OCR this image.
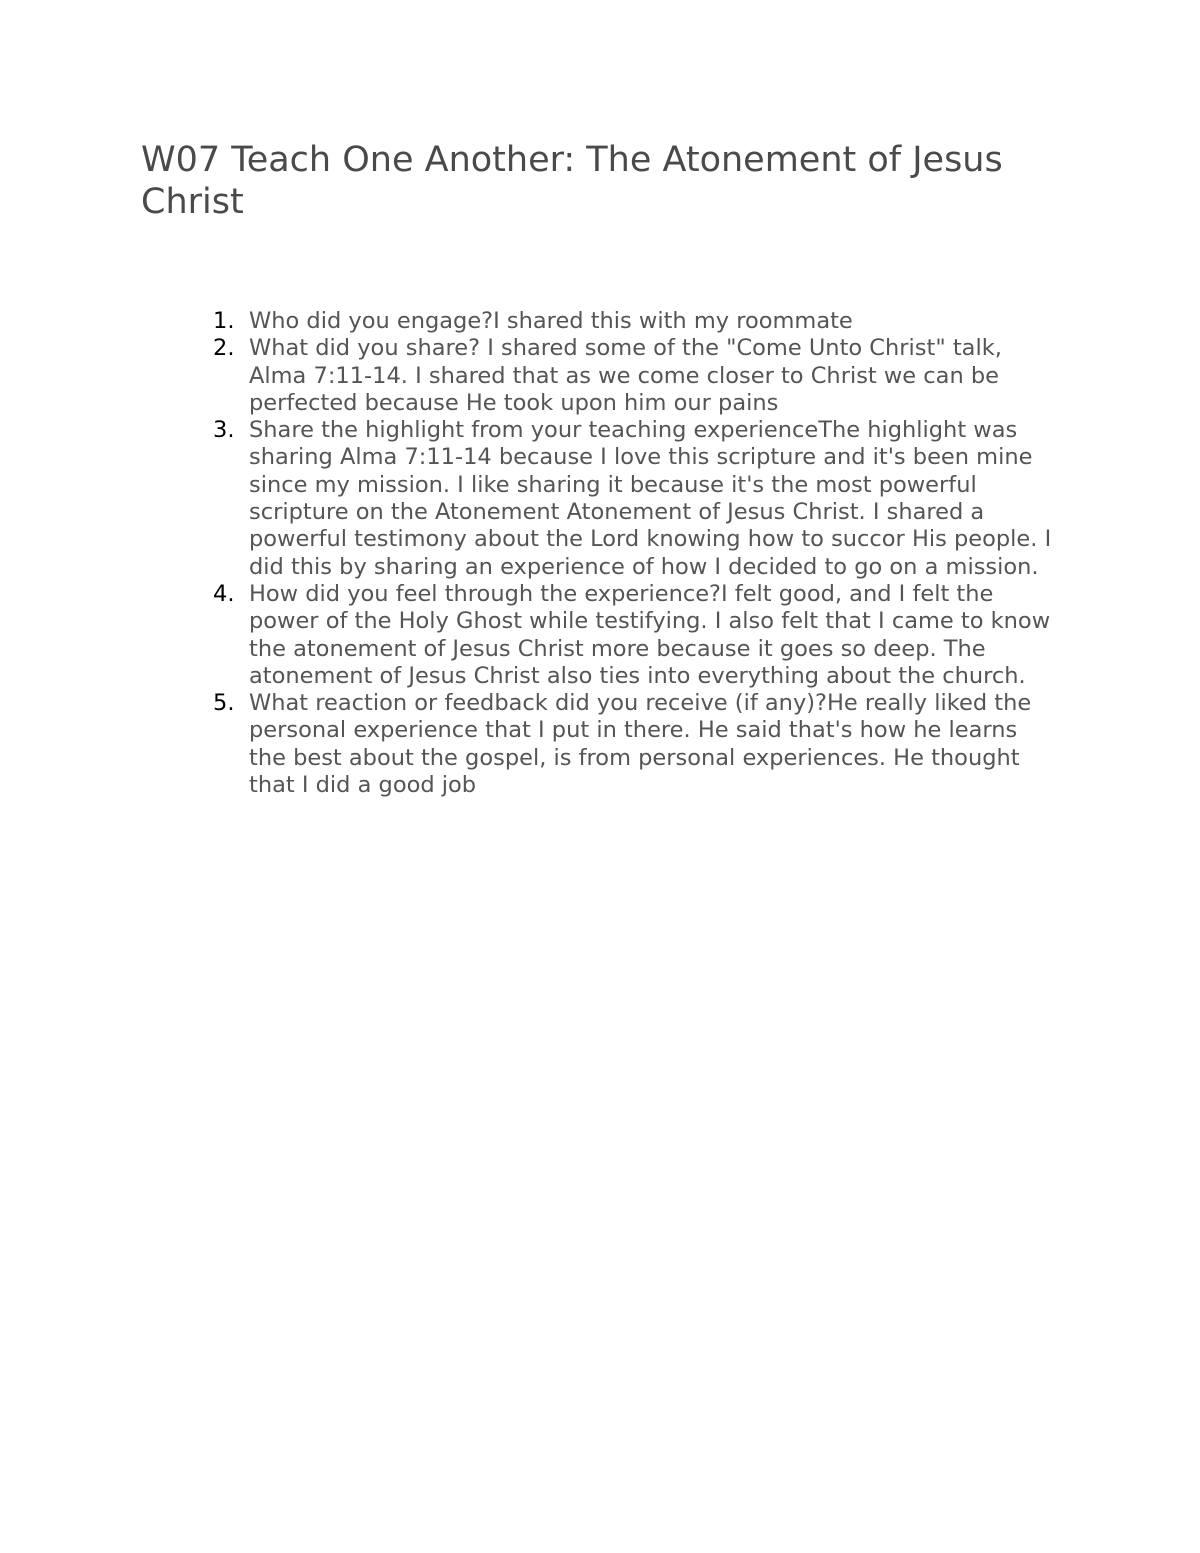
W07 Teach One Another: The Atonement of Jesus Christ
1. Who did you engage?I shared this with my roommate
2. What did you share? I shared some of the "Come Unto Christ" talk, Alma 7:11-14. I shared that as we come closer to Christ we can be perfected because He took upon him our pains
3. Share the highlight from your teaching experienceThe highlight was sharing Alma 7:11-14 because I love this scripture and it's been mine since my mission. I like sharing it because it's the most powerful scripture on the Atonement Atonement of Jesus Christ. I shared a powerful testimony about the Lord knowing how to succor His people. I did this by sharing an experience of how I decided to go on a mission.
4. How did you feel through the experience?I felt good, and I felt the power of the Holy Ghost while testifying. I also felt that I came to know the atonement of Jesus Christ more because it goes so deep. The atonement of Jesus Christ also ties into everything about the church.
5. What reaction or feedback did you receive (if any)?He really liked the personal experience that I put in there. He said that's how he learns the best about the gospel, is from personal experiences. He thought that I did a good job
